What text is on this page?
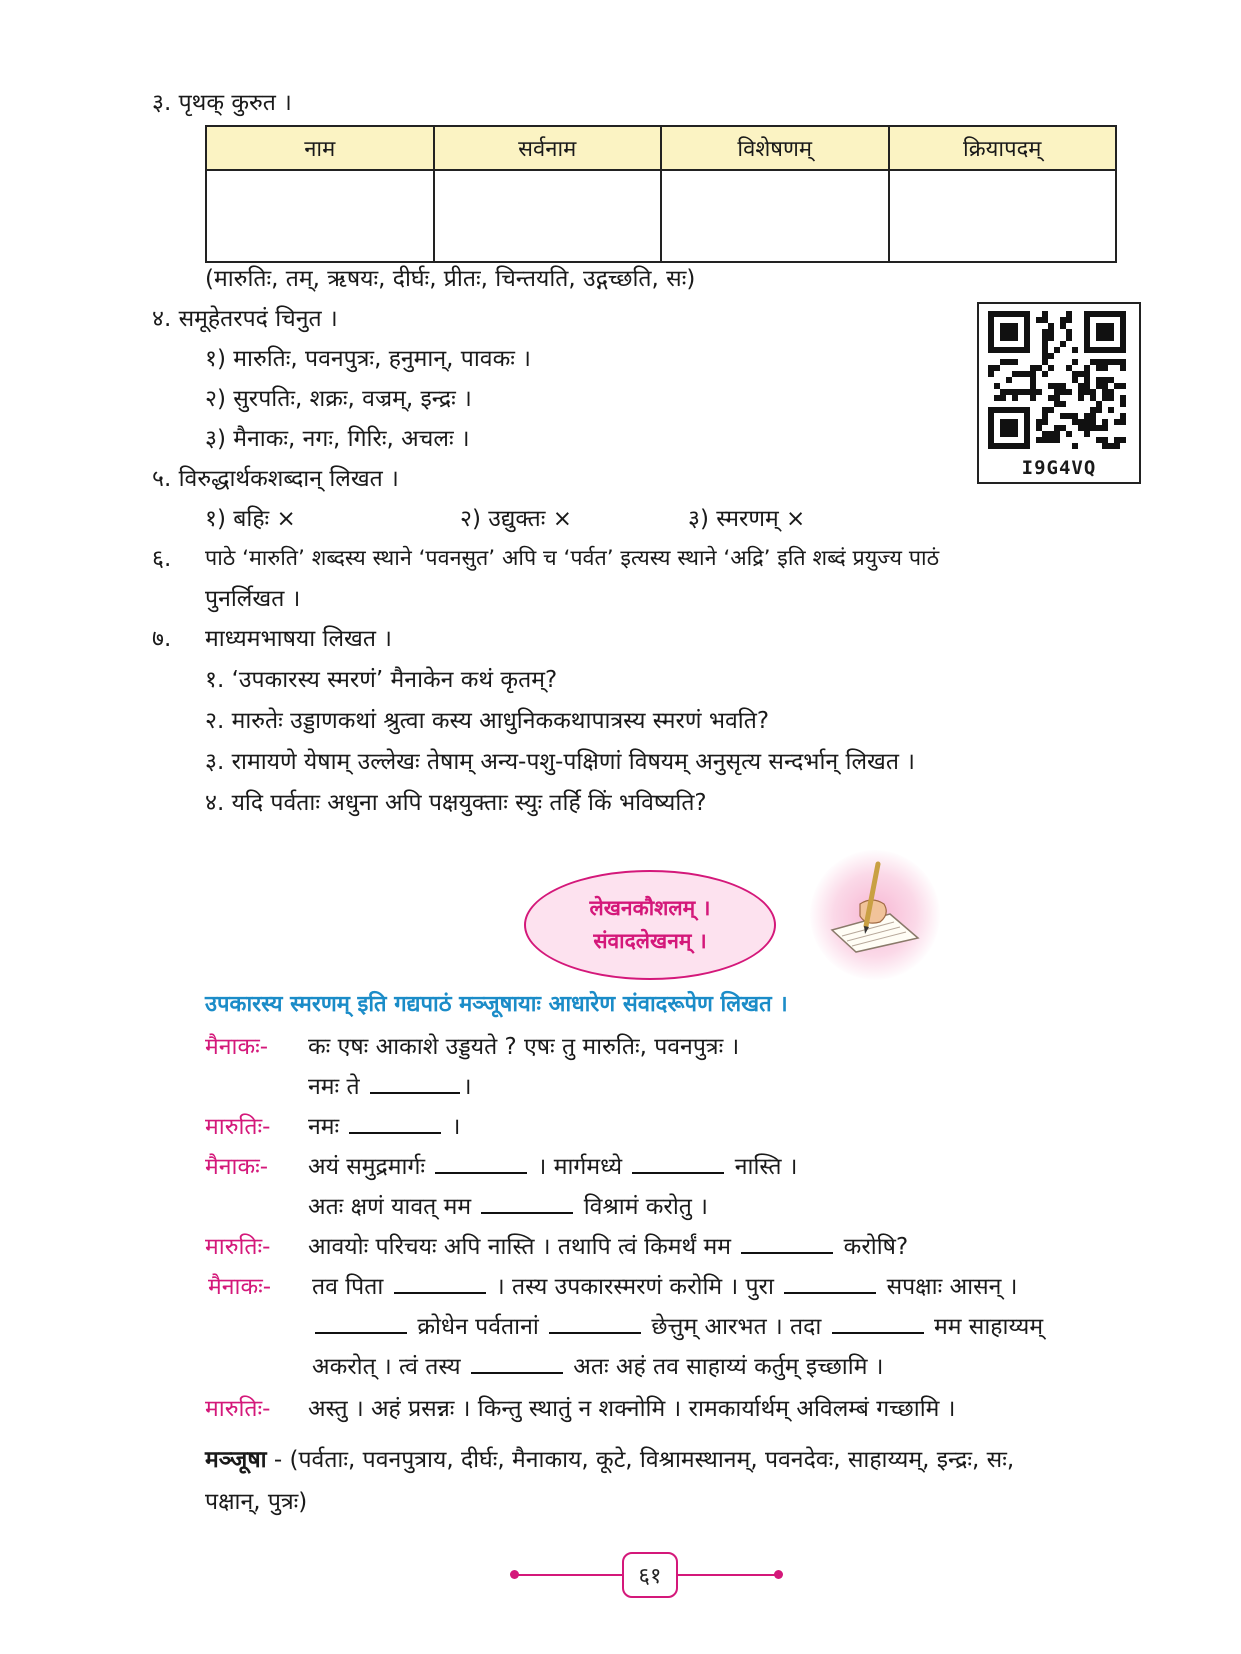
३. पृथक् कुरुत ।
नाम	सर्वनाम	विशेषणम्	क्रियापदम्

(मारुतिः, तम्, ऋषयः, दीर्घः, प्रीतः, चिन्तयति, उद्गच्छति, सः)
४. समूहेतरपदं चिनुत ।
१) मारुतिः, पवनपुत्रः, हनुमान्, पावकः ।
२) सुरपतिः, शक्रः, वज्रम्, इन्द्रः ।
३) मैनाकः, नगः, गिरिः, अचलः ।
I9G4VQ
५. विरुद्धार्थकशब्दान् लिखत ।
१) बहिः ×	२) उद्युक्तः ×	३) स्मरणम् ×
६. पाठे ‘मारुति’ शब्दस्य स्थाने ‘पवनसुत’ अपि च ‘पर्वत’ इत्यस्य स्थाने ‘अद्रि’ इति शब्दं प्रयुज्य पाठं
पुनर्लिखत ।
७. माध्यमभाषया लिखत ।
१. ‘उपकारस्य स्मरणं’ मैनाकेन कथं कृतम्?
२. मारुतेः उड्डाणकथां श्रुत्वा कस्य आधुनिककथापात्रस्य स्मरणं भवति?
३. रामायणे येषाम् उल्लेखः तेषाम् अन्य-पशु-पक्षिणां विषयम् अनुसृत्य सन्दर्भान् लिखत ।
४. यदि पर्वताः अधुना अपि पक्षयुक्ताः स्युः तर्हि किं भविष्यति?
लेखनकौशलम् ।
संवादलेखनम् ।
उपकारस्य स्मरणम् इति गद्यपाठं मञ्जूषायाः आधारेण संवादरूपेण लिखत ।
मैनाकः- कः एषः आकाशे उड्डयते ? एषः तु मारुतिः, पवनपुत्रः ।
नमः ते	।
मारुतिः- नमः	।
मैनाकः- अयं समुद्रमार्गः	। मार्गमध्ये	नास्ति ।
अतः क्षणं यावत् मम	विश्रामं करोतु ।
मारुतिः- आवयोः परिचयः अपि नास्ति । तथापि त्वं किमर्थं मम	करोषि?
मैनाकः- तव पिता	। तस्य उपकारस्मरणं करोमि । पुरा	सपक्षाः आसन् ।
क्रोधेन पर्वतानां	छेत्तुम् आरभत । तदा	मम साहाय्यम्
अकरोत् । त्वं तस्य	अतः अहं तव साहाय्यं कर्तुम् इच्छामि ।
मारुतिः- अस्तु । अहं प्रसन्नः । किन्तु स्थातुं न शक्नोमि । रामकार्यार्थम् अविलम्बं गच्छामि ।
मञ्जूषा - (पर्वताः, पवनपुत्राय, दीर्घः, मैनाकाय, कूटे, विश्रामस्थानम्, पवनदेवः, साहाय्यम्, इन्द्रः, सः,
पक्षान्, पुत्रः)
६१
